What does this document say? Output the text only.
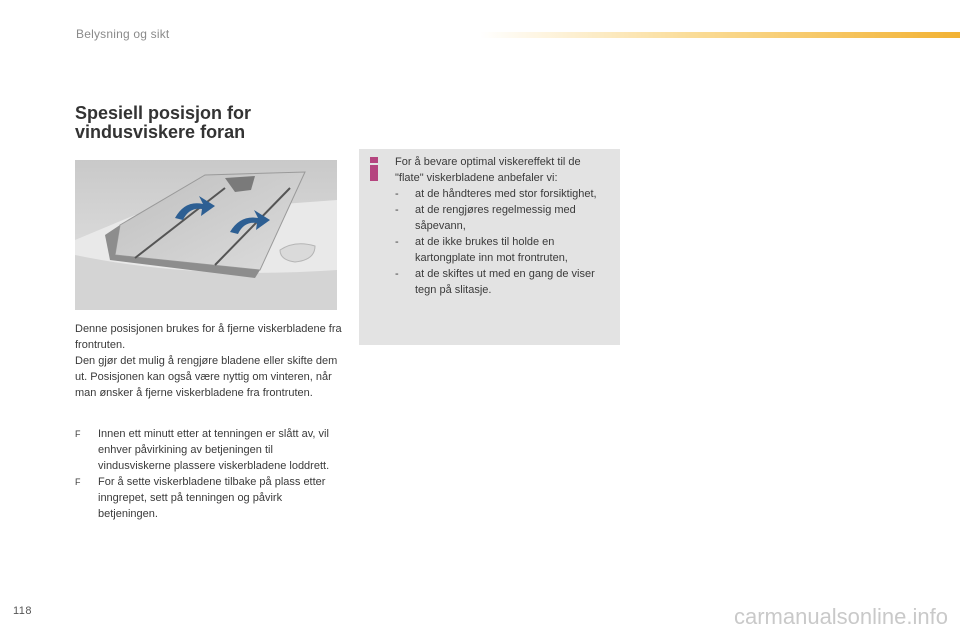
Belysning og sikt
Spesiell posisjon for
vindusviskere foran

Denne posisjonen brukes for å fjerne viskerbladene fra frontruten.

Den gjør det mulig å rengjøre bladene eller skifte dem ut. Posisjonen kan også være nyttig om vinteren, når man ønsker å fjerne viskerbladene fra frontruten.

F	Innen ett minutt etter at tenningen er slått av, vil enhver påvirkining av betjeningen til vindusviskerne plassere viskerbladene loddrett.
F	For å sette viskerbladene tilbake på plass etter inngrepet, sett på tenningen og påvirk betjeningen.

For å bevare optimal viskereffekt til de "flate" viskerbladene anbefaler vi:

-	at de håndteres med stor forsiktighet,
-	at de rengjøres regelmessig med såpevann,
-	at de ikke brukes til holde en kartongplate inn mot frontruten,
-	at de skiftes ut med en gang de viser tegn på slitasje.
118	carmanualsonline.info
